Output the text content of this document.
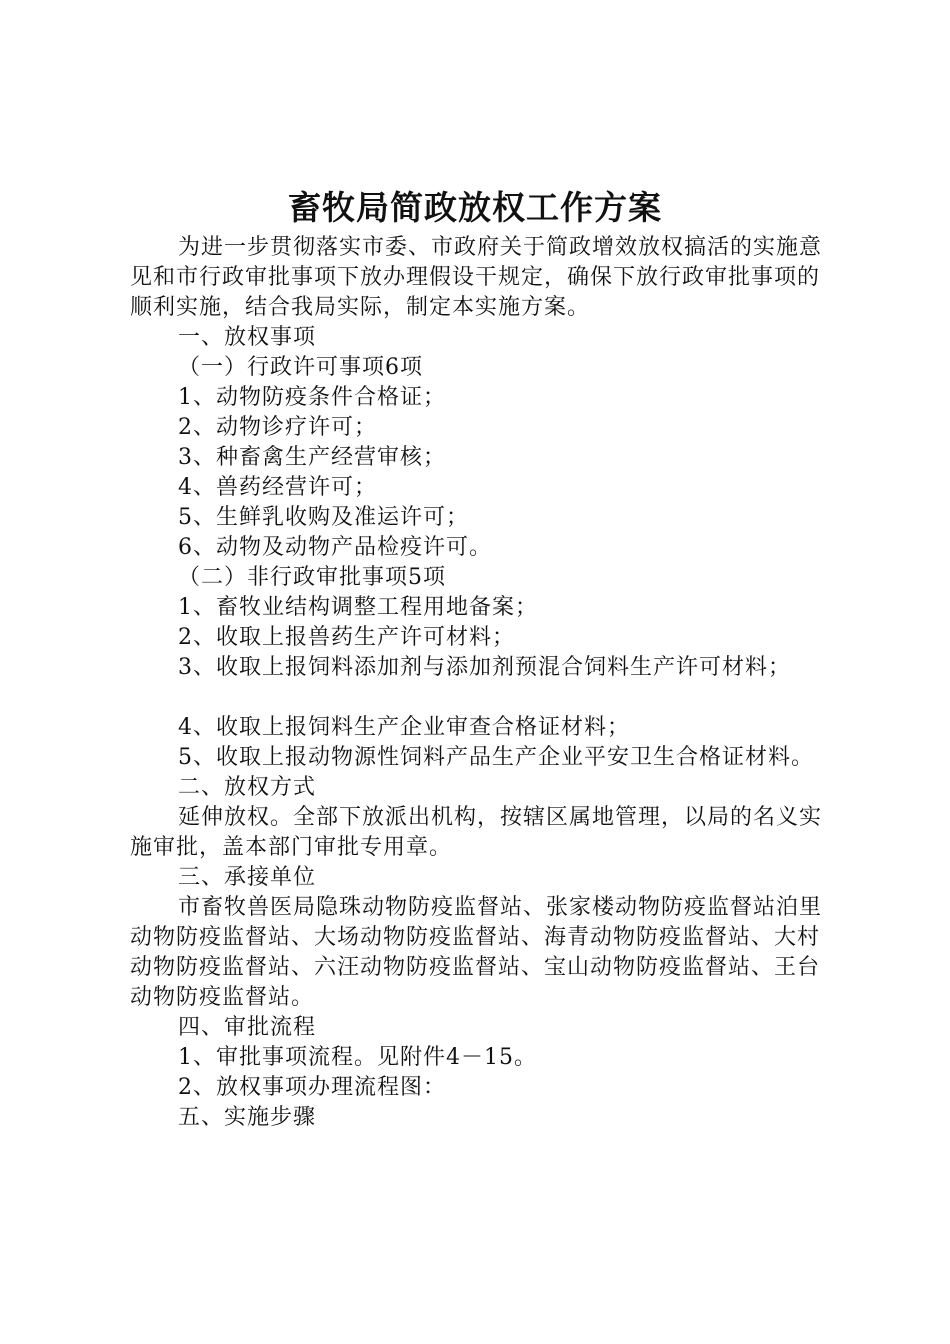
畜牧局简政放权工作方案

为进一步贯彻落实市委、市政府关于简政增效放权搞活的实施意见和市行政审批事项下放办理假设干规定，确保下放行政审批事项的顺利实施，结合我局实际，制定本实施方案。

一、放权事项

（一）行政许可事项6项

1、动物防疫条件合格证；

2、动物诊疗许可；

3、种畜禽生产经营审核；

4、兽药经营许可；

5、生鲜乳收购及准运许可；

6、动物及动物产品检疫许可。

（二）非行政审批事项5项

1、畜牧业结构调整工程用地备案；

2、收取上报兽药生产许可材料；

3、收取上报饲料添加剂与添加剂预混合饲料生产许可材料；

4、收取上报饲料生产企业审查合格证材料；

5、收取上报动物源性饲料产品生产企业平安卫生合格证材料。

二、放权方式

延伸放权。全部下放派出机构，按辖区属地管理，以局的名义实施审批，盖本部门审批专用章。

三、承接单位

市畜牧兽医局隐珠动物防疫监督站、张家楼动物防疫监督站泊里动物防疫监督站、大场动物防疫监督站、海青动物防疫监督站、大村动物防疫监督站、六汪动物防疫监督站、宝山动物防疫监督站、王台动物防疫监督站。

四、审批流程

1、审批事项流程。见附件4－15。

2、放权事项办理流程图：

五、实施步骤
